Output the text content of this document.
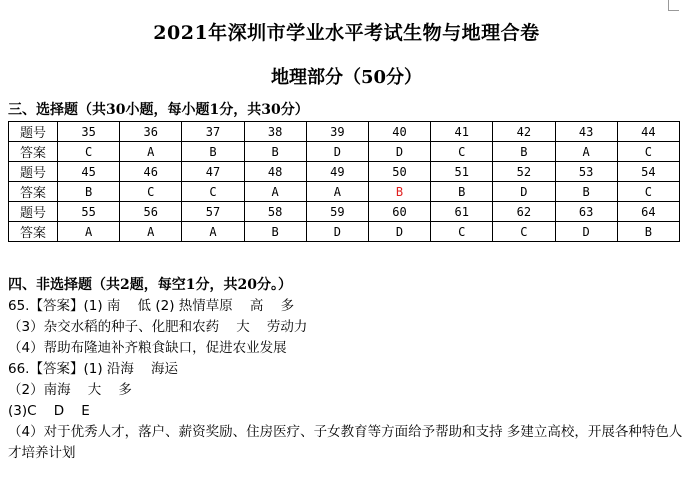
2021年深圳市学业水平考试生物与地理合卷
地理部分（50分）
三、选择题（共30小题，每小题1分，共30分）
题号	35	36	37	38	39	40	41	42	43	44
答案	C	A	B	B	D	D	C	B	A	C
题号	45	46	47	48	49	50	51	52	53	54
答案	B	C	C	A	A	B	B	D	B	C
题号	55	56	57	58	59	60	61	62	63	64
答案	A	A	A	B	D	D	C	C	D	B
四、非选择题（共2题，每空1分，共20分。）
65.【答案】(1) 南    低 (2) 热情草原    高    多
（3）杂交水稻的种子、化肥和农药    大    劳动力
（4）帮助布隆迪补齐粮食缺口，促进农业发展
66.【答案】(1) 沿海    海运
（2）南海    大    多
(3)C    D    E
（4）对于优秀人才，落户、薪资奖励、住房医疗、子女教育等方面给予帮助和支持 多建立高校，开展各种特色人才培养计划
